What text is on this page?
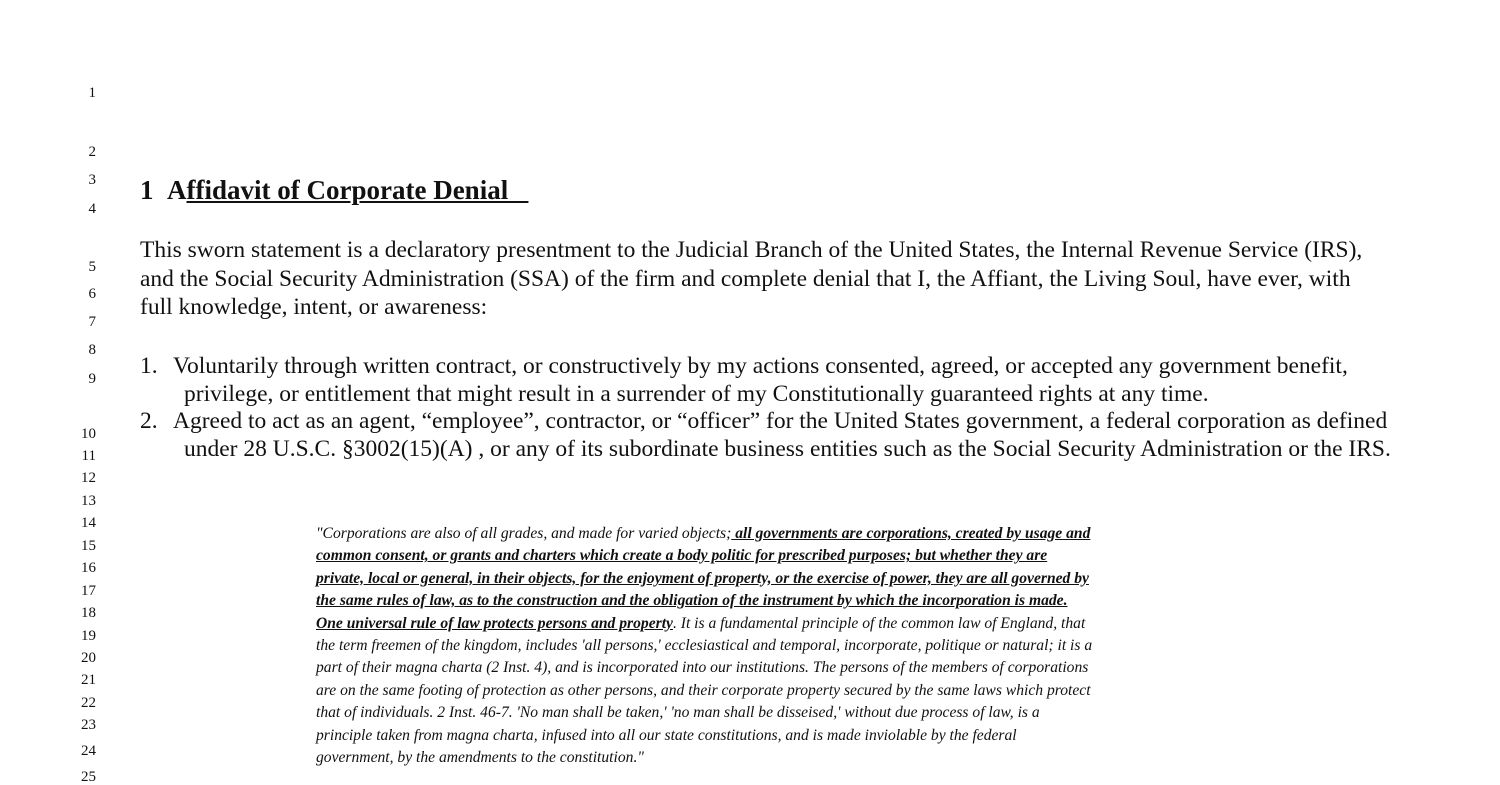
1
2
3
4
5
6
7
8
9
10
11
12
13
14
15
16
17
18
19
20
21
22
23
24
25
1 Affidavit of Corporate Denial

This sworn statement is a declaratory presentment to the Judicial Branch of the United States, the Internal Revenue Service (IRS), and the Social Security Administration (SSA) of the firm and complete denial that I, the Affiant, the Living Soul, have ever, with full knowledge, intent, or awareness:

1. Voluntarily through written contract, or constructively by my actions consented, agreed, or accepted any government benefit, privilege, or entitlement that might result in a surrender of my Constitutionally guaranteed rights at any time.

2. Agreed to act as an agent, “employee”, contractor, or “officer” for the United States government, a federal corporation as defined under 28 U.S.C. §3002(15)(A) , or any of its subordinate business entities such as the Social Security Administration or the IRS.

"Corporations are also of all grades, and made for varied objects; all governments are corporations, created by usage and common consent, or grants and charters which create a body politic for prescribed purposes; but whether they are private, local or general, in their objects, for the enjoyment of property, or the exercise of power, they are all governed by the same rules of law, as to the construction and the obligation of the instrument by which the incorporation is made. One universal rule of law protects persons and property. It is a fundamental principle of the common law of England, that the term freemen of the kingdom, includes 'all persons,' ecclesiastical and temporal, incorporate, politique or natural; it is a part of their magna charta (2 Inst. 4), and is incorporated into our institutions. The persons of the members of corporations are on the same footing of protection as other persons, and their corporate property secured by the same laws which protect that of individuals. 2 Inst. 46-7. 'No man shall be taken,' 'no man shall be disseised,' without due process of law, is a principle taken from magna charta, infused into all our state constitutions, and is made inviolable by the federal government, by the amendments to the constitution."
